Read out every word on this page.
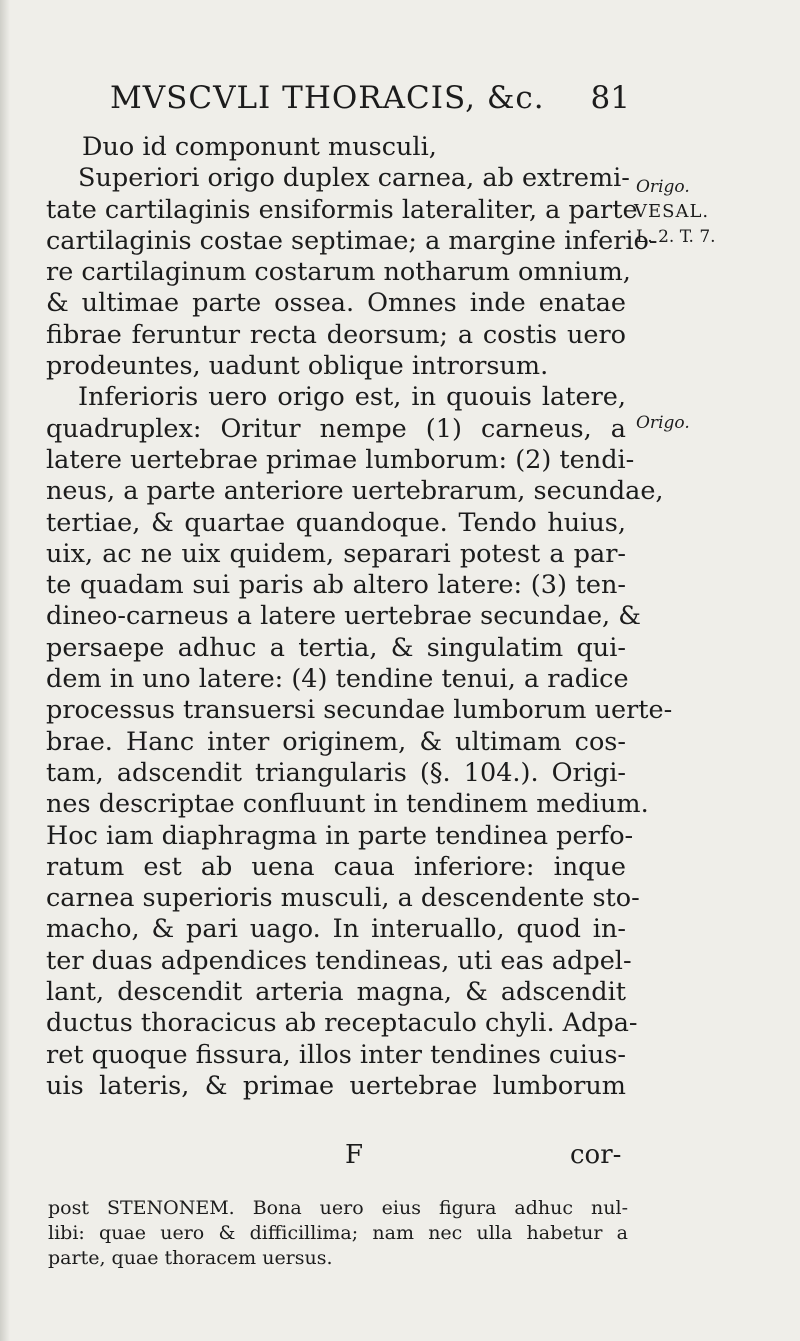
MVSCVLI THORACIS, &c. 81
Duo id componunt musculi,
Superiori origo duplex carnea, ab extremi-
tate cartilaginis ensiformis lateraliter, a parte
cartilaginis costae septimae; a margine inferio-
re cartilaginum costarum notharum omnium,
& ultimae parte ossea. Omnes inde enatae
fibrae feruntur recta deorsum; a costis uero
prodeuntes, uadunt oblique introrsum.
Inferioris uero origo est, in quouis latere,
quadruplex: Oritur nempe (1) carneus, a
latere uertebrae primae lumborum: (2) tendi-
neus, a parte anteriore uertebrarum, secundae,
tertiae, & quartae quandoque. Tendo huius,
uix, ac ne uix quidem, separari potest a par-
te quadam sui paris ab altero latere: (3) ten-
dineo-carneus a latere uertebrae secundae, &
persaepe adhuc a tertia, & singulatim qui-
dem in uno latere: (4) tendine tenui, a radice
processus transuersi secundae lumborum uerte-
brae. Hanc inter originem, & ultimam cos-
tam, adscendit triangularis (§. 104.). Origi-
nes descriptae confluunt in tendinem medium.
Hoc iam diaphragma in parte tendinea perfo-
ratum est ab uena caua inferiore: inque
carnea superioris musculi, a descendente sto-
macho, & pari uago. In interuallo, quod in-
ter duas adpendices tendineas, uti eas adpel-
lant, descendit arteria magna, & adscendit
ductus thoracicus ab receptaculo chyli. Adpa-
ret quoque fissura, illos inter tendines cuius-
uis lateris, & primae uertebrae lumborum
Origo.
VESAL.
L. 2. T. 7.
Origo.
F	cor-
post STENONEM. Bona uero eius figura adhuc nul-
libi: quae uero & difficillima; nam nec ulla habetur a
parte, quae thoracem uersus.
